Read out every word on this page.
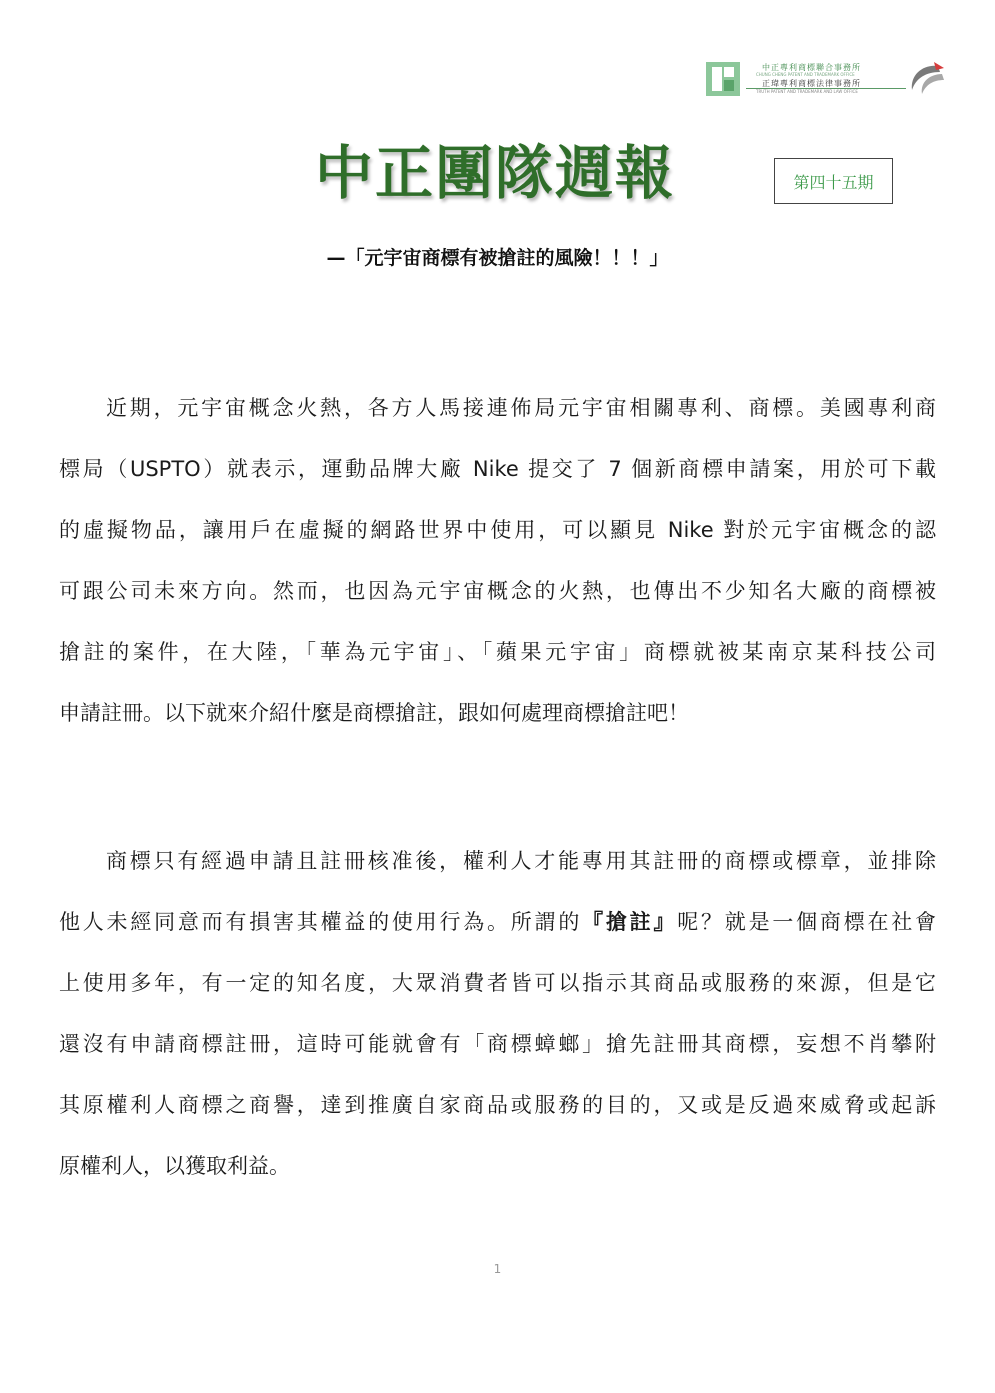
中正專利商標聯合事務所
CHUNG CHENG PATENT AND TRADEMARK OFFICE
正瑋專利商標法律事務所
TRUTH PATENT AND TRADEMARK AND LAW OFFICE
中正團隊週報	第四十五期
—「元宇宙商標有被搶註的風險！！！」
近期，元宇宙概念火熱，各方人馬接連佈局元宇宙相關專利、商標。美國專利商
標局（USPTO）就表示，運動品牌大廠 Nike 提交了 7 個新商標申請案，用於可下載
的虛擬物品，讓用戶在虛擬的網路世界中使用，可以顯見 Nike 對於元宇宙概念的認
可跟公司未來方向。然而，也因為元宇宙概念的火熱，也傳出不少知名大廠的商標被
搶註的案件，在大陸，「華為元宇宙」、「蘋果元宇宙」商標就被某南京某科技公司
申請註冊。以下就來介紹什麼是商標搶註，跟如何處理商標搶註吧！
商標只有經過申請且註冊核准後，權利人才能專用其註冊的商標或標章，並排除
他人未經同意而有損害其權益的使用行為。所謂的『搶註』呢？就是一個商標在社會
上使用多年，有一定的知名度，大眾消費者皆可以指示其商品或服務的來源，但是它
還沒有申請商標註冊，這時可能就會有「商標蟑螂」搶先註冊其商標，妄想不肖攀附
其原權利人商標之商譽，達到推廣自家商品或服務的目的，又或是反過來威脅或起訴
原權利人，以獲取利益。
1
